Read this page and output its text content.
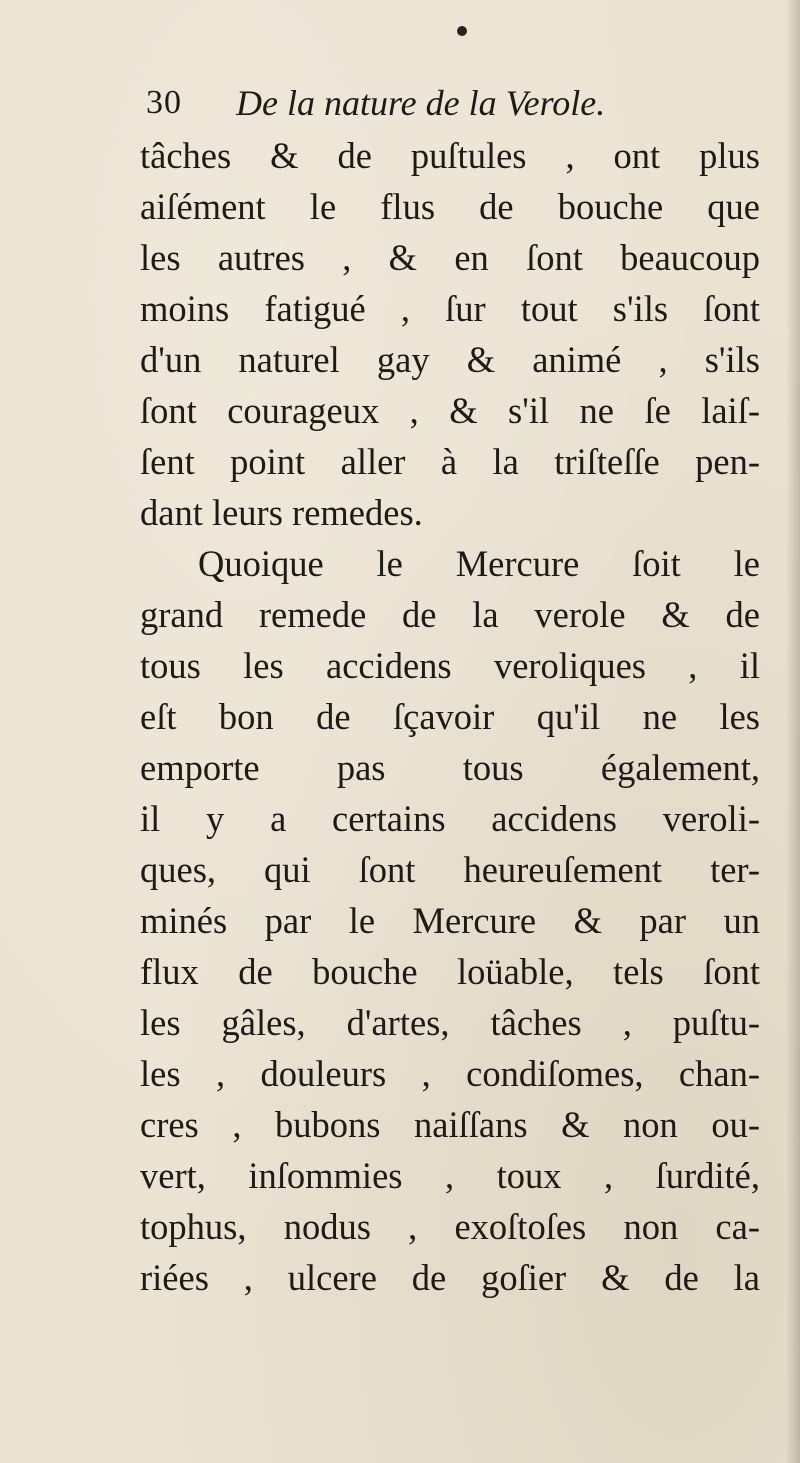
30 De la nature de la Verole.
tâches & de puſtules , ont plus
aiſément le flus de bouche que
les autres , & en ſont beaucoup
moins fatigué , ſur tout s'ils ſont
d'un naturel gay & animé , s'ils
ſont courageux , & s'il ne ſe laiſ-
ſent point aller à la triſteſſe pen-
dant leurs remedes.
Quoique le Mercure ſoit le
grand remede de la verole & de
tous les accidens veroliques , il
eſt bon de ſçavoir qu'il ne les
emporte pas tous également,
il y a certains accidens veroli-
ques, qui ſont heureuſement ter-
minés par le Mercure & par un
flux de bouche loüable, tels ſont
les gâles, d'artes, tâches , puſtu-
les , douleurs , condiſomes, chan-
cres , bubons naiſſans & non ou-
vert, inſommies , toux , ſurdité,
tophus, nodus , exoſtoſes non ca-
riées , ulcere de goſier & de la
